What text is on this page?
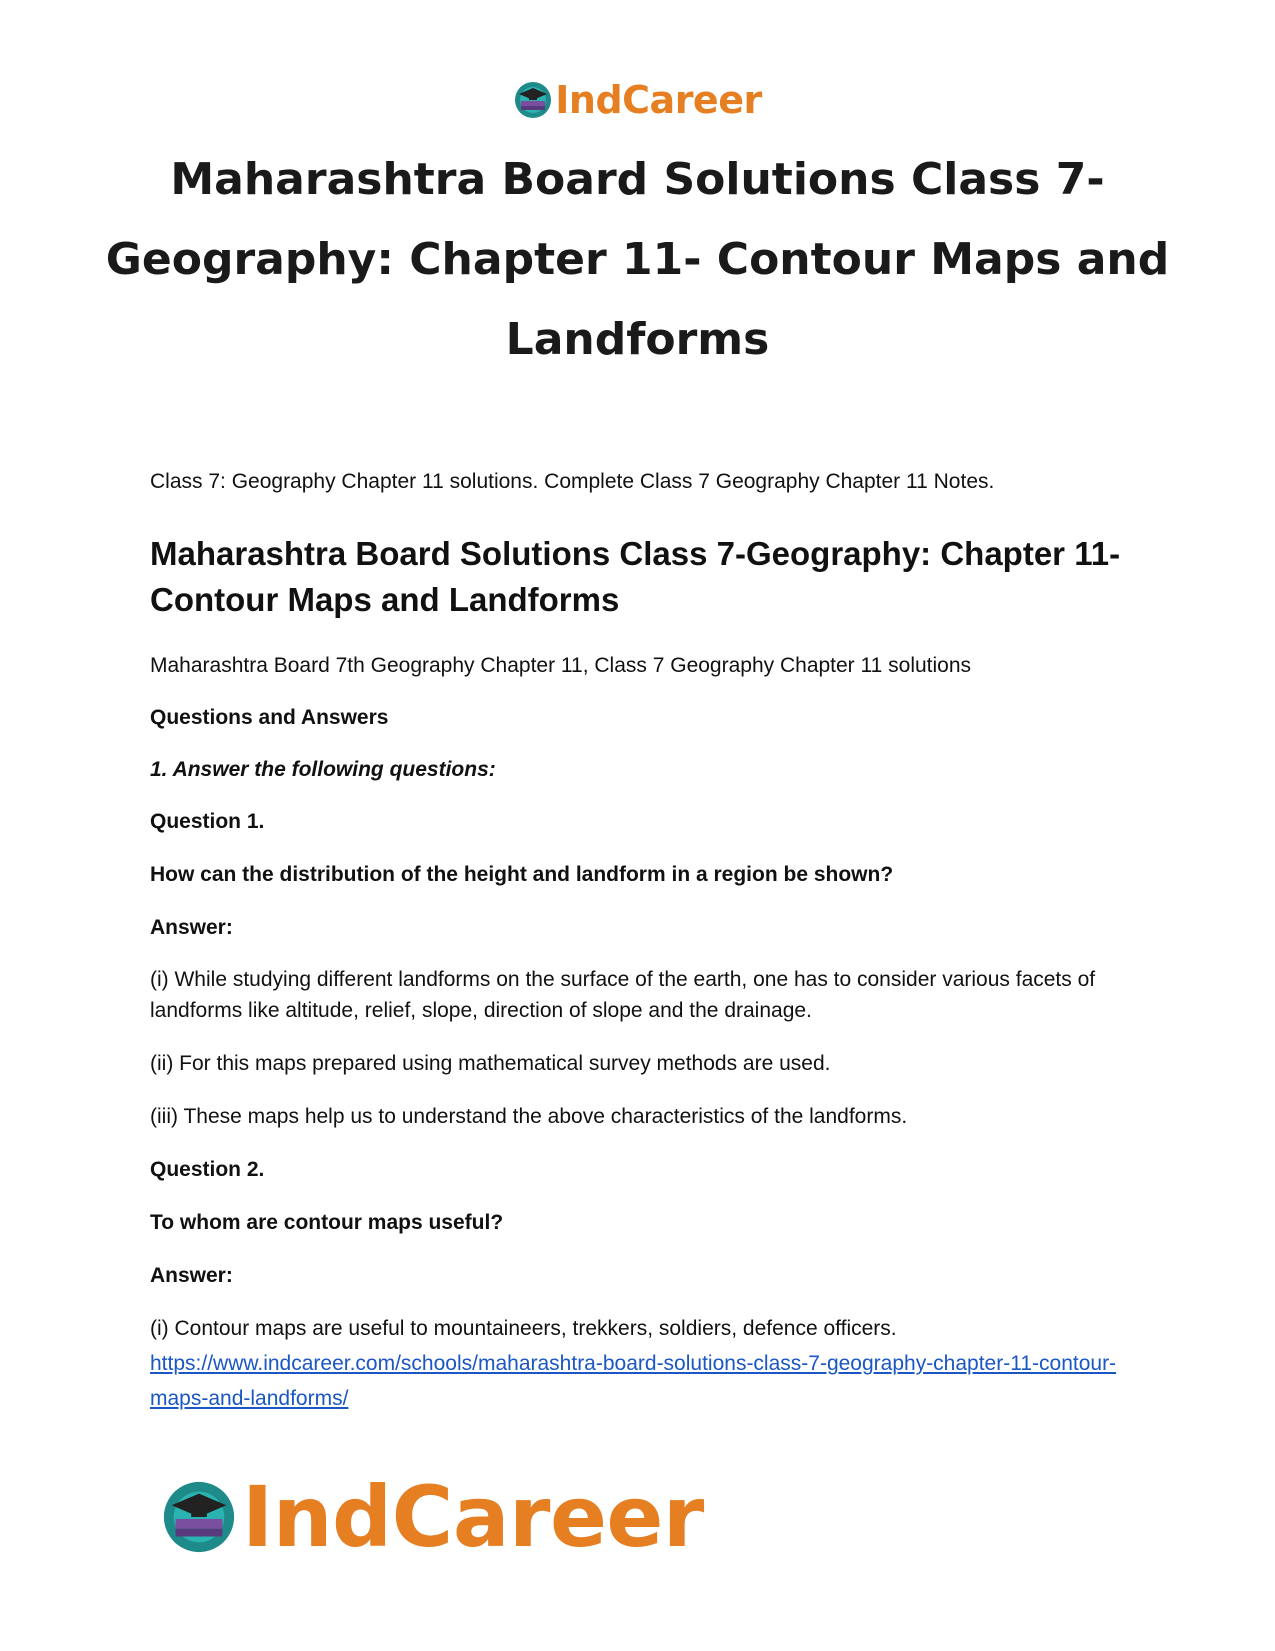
IndCareer
Maharashtra Board Solutions Class 7-Geography: Chapter 11- Contour Maps and Landforms

Class 7: Geography Chapter 11 solutions. Complete Class 7 Geography Chapter 11 Notes.

Maharashtra Board Solutions Class 7-Geography: Chapter 11- Contour Maps and Landforms

Maharashtra Board 7th Geography Chapter 11, Class 7 Geography Chapter 11 solutions

Questions and Answers

1. Answer the following questions:

Question 1.

How can the distribution of the height and landform in a region be shown?

Answer:

(i) While studying different landforms on the surface of the earth, one has to consider various facets of landforms like altitude, relief, slope, direction of slope and the drainage.

(ii) For this maps prepared using mathematical survey methods are used.

(iii) These maps help us to understand the above characteristics of the landforms.

Question 2.

To whom are contour maps useful?

Answer:

(i) Contour maps are useful to mountaineers, trekkers, soldiers, defence officers.

https://www.indcareer.com/schools/maharashtra-board-solutions-class-7-geography-chapter-11-contour-maps-and-landforms/
IndCareer
